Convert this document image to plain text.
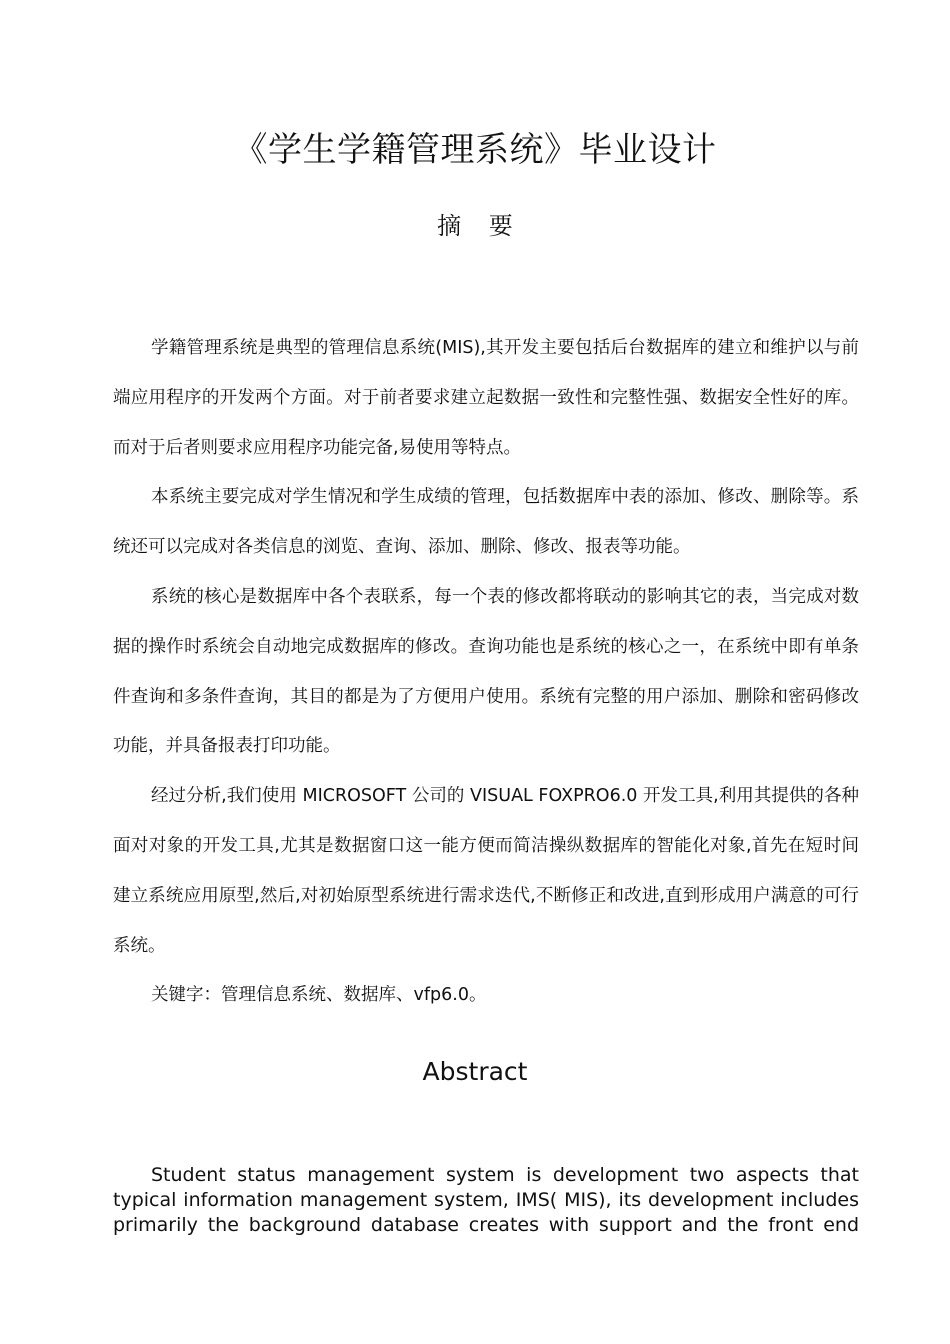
《学生学籍管理系统》毕业设计
摘 要

学籍管理系统是典型的管理信息系统(MIS),其开发主要包括后台数据库的建立和维护以与前端应用程序的开发两个方面。对于前者要求建立起数据一致性和完整性强、数据安全性好的库。而对于后者则要求应用程序功能完备,易使用等特点。

本系统主要完成对学生情况和学生成绩的管理，包括数据库中表的添加、修改、删除等。系统还可以完成对各类信息的浏览、查询、添加、删除、修改、报表等功能。

系统的核心是数据库中各个表联系，每一个表的修改都将联动的影响其它的表，当完成对数据的操作时系统会自动地完成数据库的修改。查询功能也是系统的核心之一，在系统中即有单条件查询和多条件查询，其目的都是为了方便用户使用。系统有完整的用户添加、删除和密码修改功能，并具备报表打印功能。

经过分析,我们使用 MICROSOFT 公司的 VISUAL FOXPRO6.0 开发工具,利用其提供的各种面对对象的开发工具,尤其是数据窗口这一能方便而简洁操纵数据库的智能化对象,首先在短时间建立系统应用原型,然后,对初始原型系统进行需求迭代,不断修正和改进,直到形成用户满意的可行系统。

关键字：管理信息系统、数据库、vfp6.0。

Abstract

Student status management system is development two aspects that typical information management system, IMS( MIS), its development includes primarily the background database creates with support and the front end
